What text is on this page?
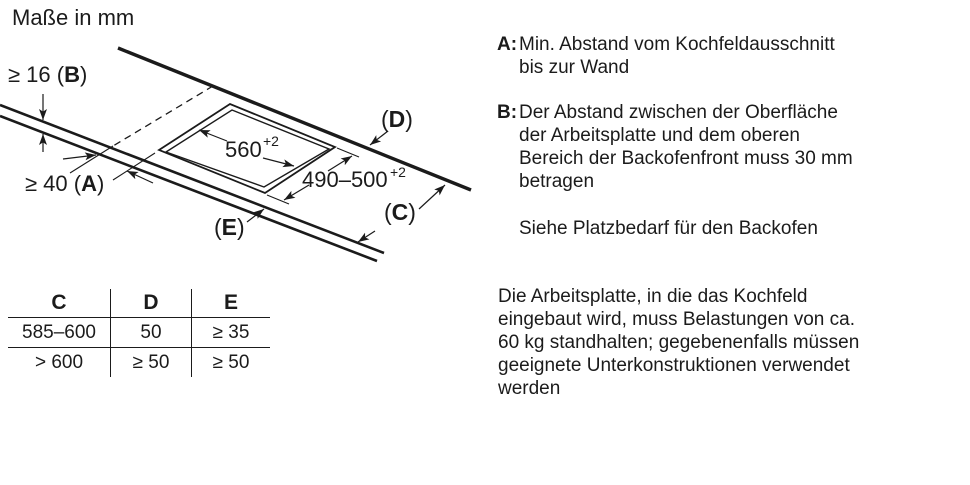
Maße in mm
≥ 16 (B)
≥ 40 (A)
560 +2
490–500 +2
(D)
(C)
(E)
C	D	E
585–600	50	≥ 35
> 600	≥ 50	≥ 50
A: Min. Abstand vom Kochfeldausschnitt
bis zur Wand
B: Der Abstand zwischen der Oberfläche
der Arbeitsplatte und dem oberen
Bereich der Backofenfront muss 30 mm
betragen
Siehe Platzbedarf für den Backofen
Die Arbeitsplatte, in die das Kochfeld
eingebaut wird, muss Belastungen von ca.
60 kg standhalten; gegebenenfalls müssen
geeignete Unterkonstruktionen verwendet
werden
